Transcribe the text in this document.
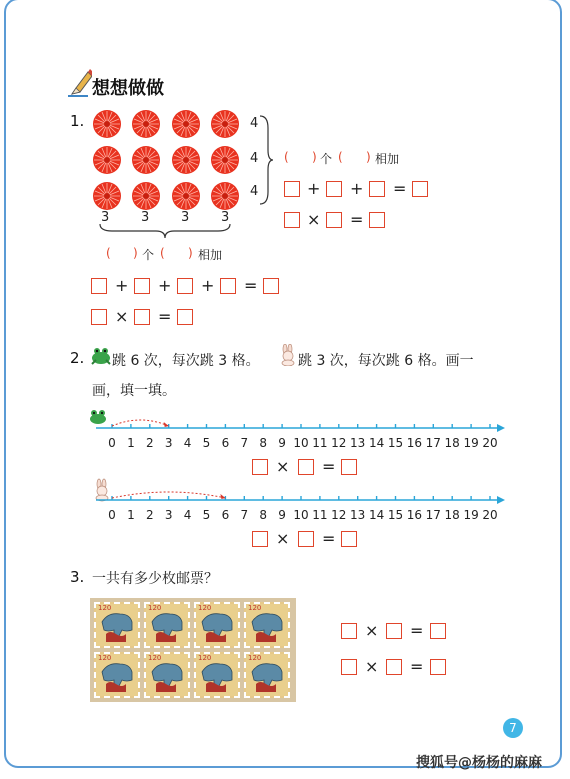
想想做做
1.	4
4
4
3 3 3 3
( ) 个 ( ) 相加
+ + =
× =
( ) 个 ( ) 相加
+ + + =
× =
2. 跳 6 次，每次跳 3 格。	跳 3 次，每次跳 6 格。画一
画，填一填。
0 1 2 3 4 5 6 7 8 9 10 11 12 13 14 15 16 17 18 19 20
× =
0 1 2 3 4 5 6 7 8 9 10 11 12 13 14 15 16 17 18 19 20
× =
3. 一共有多少枚邮票？
120	120	120	120
120	120	120	120
× =
× =
7
搜狐号@杨杨的麻麻
